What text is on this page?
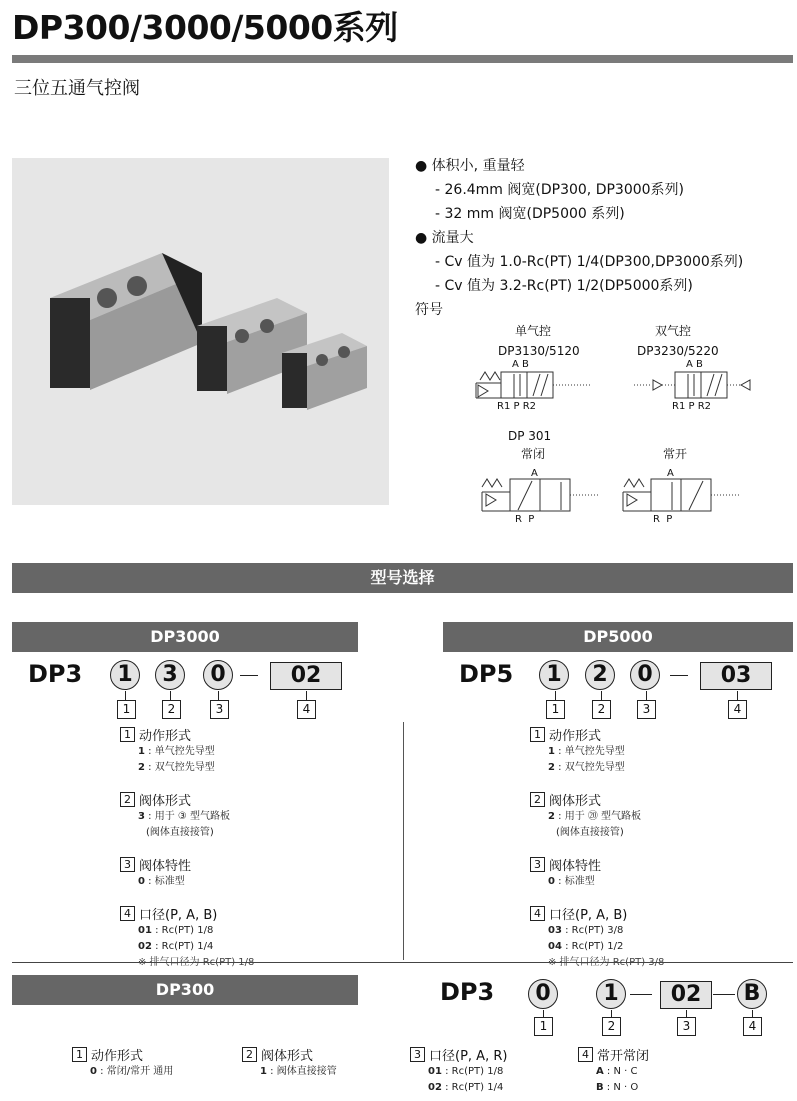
DP300/3000/5000系列
三位五通气控阀
● 体积小, 重量轻
- 26.4mm 阀宽(DP300, DP3000系列)
- 32 mm 阀宽(DP5000 系列)
● 流量大
- Cv 值为 1.0-Rc(PT) 1/4(DP300,DP3000系列)
- Cv 值为 3.2-Rc(PT) 1/2(DP5000系列)
符号
单气控
DP3130/5120
双气控
DP3230/5220
DP 301
常闭	常开
A B
R1 P R2
A B
R1 P R2
A
R  P
A
R  P
型号选择
DP3000
DP3	1	3	0	02
1	2	3	4
1 动作形式
1 : 单气控先导型
2 : 双气控先导型
2 阀体形式
3 : 用于 ③ 型气路板
(阀体直接接管)
3 阀体特性
0 : 标准型
4 口径(P, A, B)
01 : Rc(PT) 1/8
02 : Rc(PT) 1/4
DP5000
DP5	1	2	0	03
1	2	3	4
1 动作形式
1 : 单气控先导型
2 : 双气控先导型
2 阀体形式
2 : 用于 ⑳ 型气路板
(阀体直接接管)
3 阀体特性
0 : 标准型
4 口径(P, A, B)
03 : Rc(PT) 3/8
04 : Rc(PT) 1/2
DP300	DP3	0	1	02	B
1	2	3	4
1 动作形式
0 : 常闭/常开 通用
2 阀体形式
1 : 阀体直接接管
3 口径(P, A, R)
01 : Rc(PT) 1/8
02 : Rc(PT) 1/4
4 常开常闭
A : N · C
B : N · O
